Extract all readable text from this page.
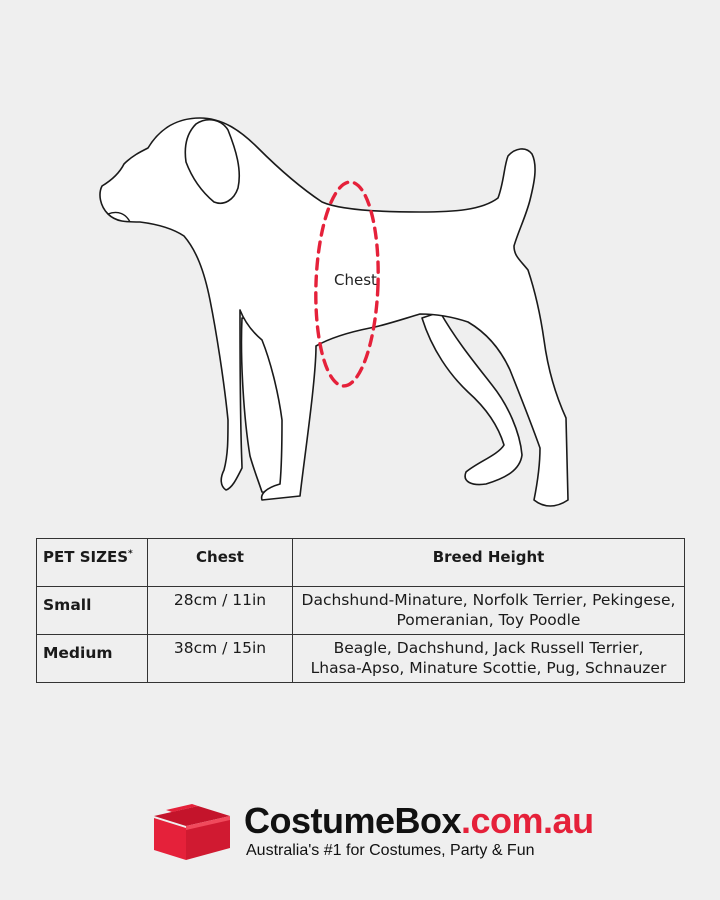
Chest
PET SIZES*	Chest	Breed Height
Small	28cm / 11in	Dachshund-Minature, Norfolk Terrier, Pekingese,
Pomeranian, Toy Poodle

Medium	38cm / 15in	Beagle, Dachshund, Jack Russell Terrier,
Lhasa-Apso, Minature Scottie, Pug, Schnauzer
CostumeBox.com.au
Australia's #1 for Costumes, Party & Fun
